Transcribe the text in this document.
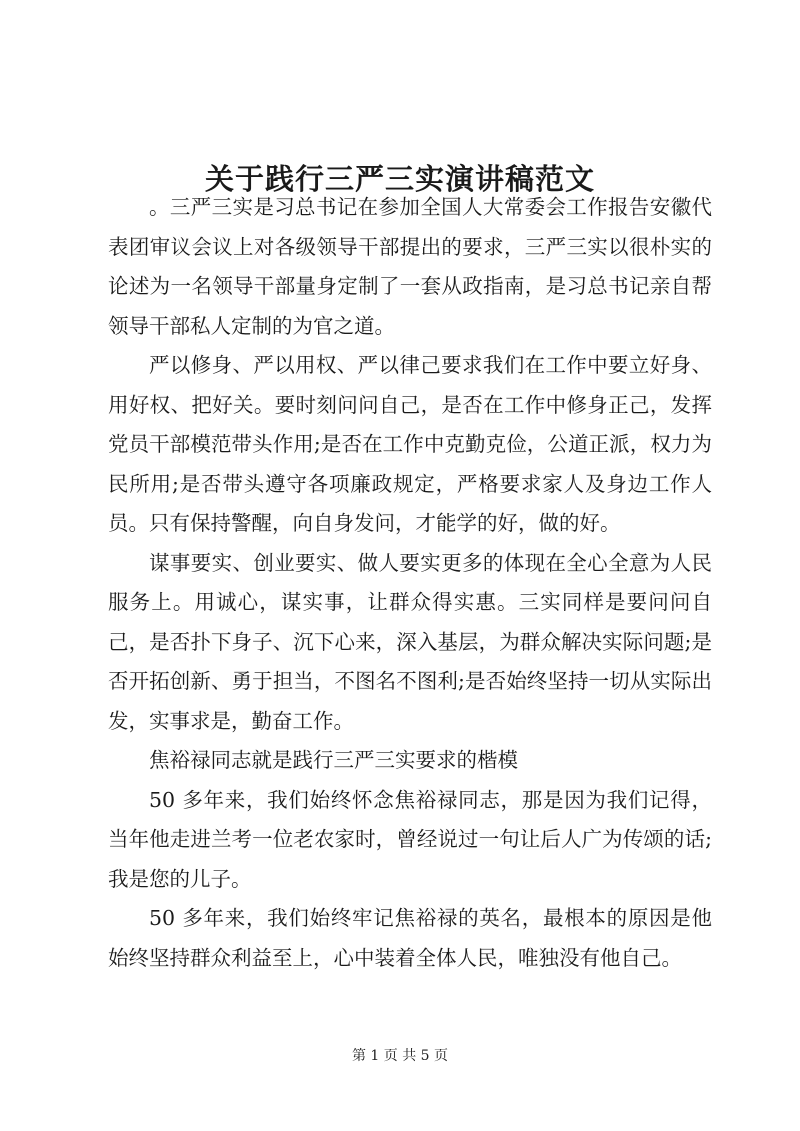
关于践行三严三实演讲稿范文

。三严三实是习总书记在参加全国人大常委会工作报告安徽代表团审议会议上对各级领导干部提出的要求，三严三实以很朴实的论述为一名领导干部量身定制了一套从政指南，是习总书记亲自帮领导干部私人定制的为官之道。

严以修身、严以用权、严以律己要求我们在工作中要立好身、用好权、把好关。要时刻问问自己，是否在工作中修身正己，发挥党员干部模范带头作用;是否在工作中克勤克俭，公道正派，权力为民所用;是否带头遵守各项廉政规定，严格要求家人及身边工作人员。只有保持警醒，向自身发问，才能学的好，做的好。

谋事要实、创业要实、做人要实更多的体现在全心全意为人民服务上。用诚心，谋实事，让群众得实惠。三实同样是要问问自己，是否扑下身子、沉下心来，深入基层，为群众解决实际问题;是否开拓创新、勇于担当，不图名不图利;是否始终坚持一切从实际出发，实事求是，勤奋工作。

焦裕禄同志就是践行三严三实要求的楷模

50 多年来，我们始终怀念焦裕禄同志，那是因为我们记得，当年他走进兰考一位老农家时，曾经说过一句让后人广为传颂的话;我是您的儿子。

50 多年来，我们始终牢记焦裕禄的英名，最根本的原因是他始终坚持群众利益至上，心中装着全体人民，唯独没有他自己。

第 1 页 共 5 页
